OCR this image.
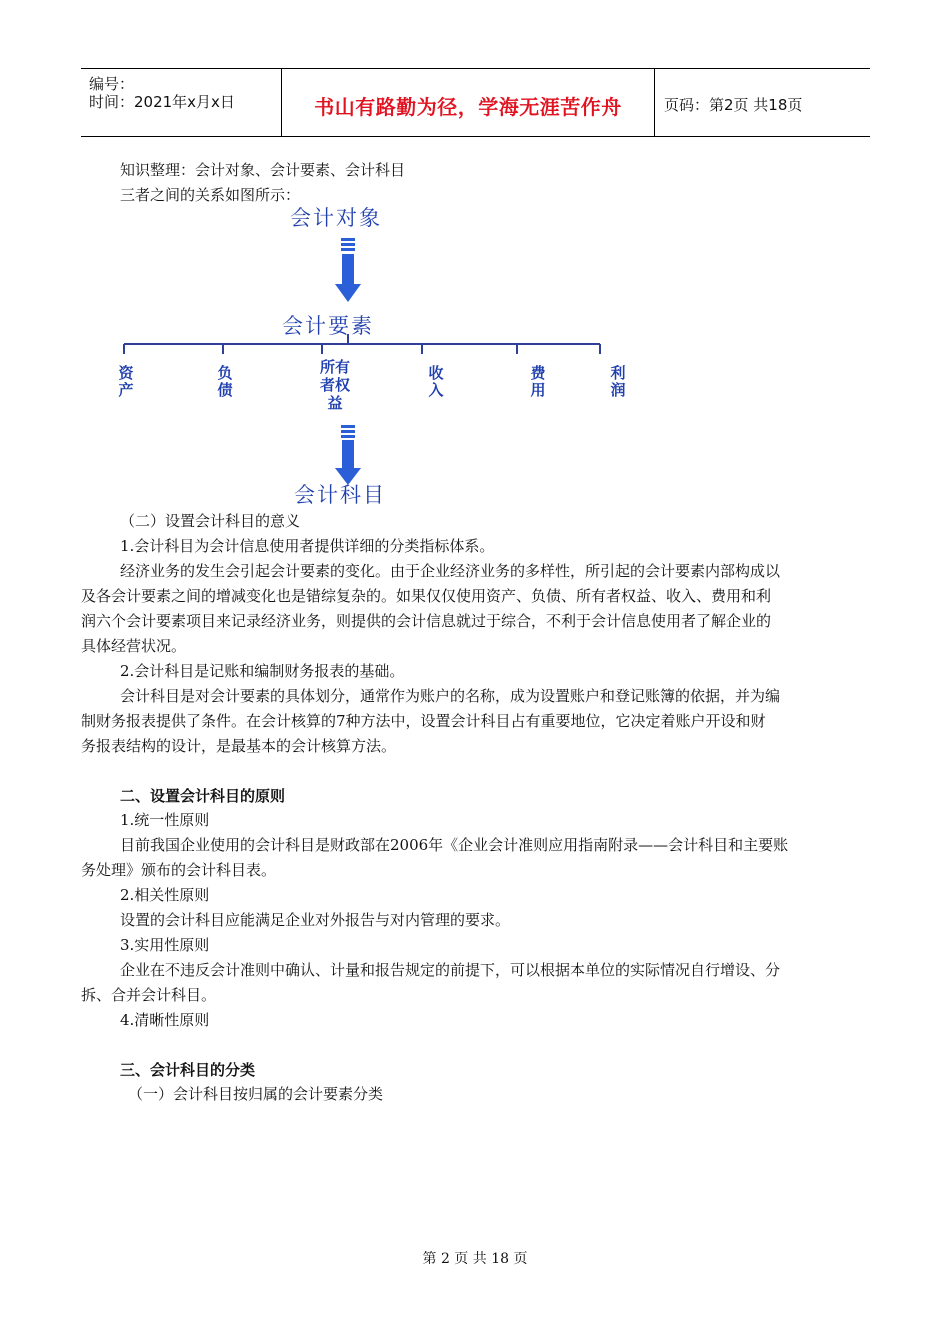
编号：
时间：2021年x月x日	书山有路勤为径，学海无涯苦作舟	页码：第2页 共18页
知识整理：会计对象、会计要素、会计科目
三者之间的关系如图所示：
会计对象
会计要素
资产
负债
所有者权益
收入
费用
利润
会计科目
（二）设置会计科目的意义
1.会计科目为会计信息使用者提供详细的分类指标体系。
经济业务的发生会引起会计要素的变化。由于企业经济业务的多样性，所引起的会计要素内部构成以
及各会计要素之间的增减变化也是错综复杂的。如果仅仅使用资产、负债、所有者权益、收入、费用和利
润六个会计要素项目来记录经济业务，则提供的会计信息就过于综合，不利于会计信息使用者了解企业的
具体经营状况。
2.会计科目是记账和编制财务报表的基础。
会计科目是对会计要素的具体划分，通常作为账户的名称，成为设置账户和登记账簿的依据，并为编
制财务报表提供了条件。在会计核算的7种方法中，设置会计科目占有重要地位，它决定着账户开设和财
务报表结构的设计，是最基本的会计核算方法。
二、设置会计科目的原则
1.统一性原则
目前我国企业使用的会计科目是财政部在2006年《企业会计准则应用指南附录——会计科目和主要账
务处理》颁布的会计科目表。
2.相关性原则
设置的会计科目应能满足企业对外报告与对内管理的要求。
3.实用性原则
企业在不违反会计准则中确认、计量和报告规定的前提下，可以根据本单位的实际情况自行增设、分
拆、合并会计科目。
4.清晰性原则
三、会计科目的分类
（一）会计科目按归属的会计要素分类
第 2 页 共 18 页
